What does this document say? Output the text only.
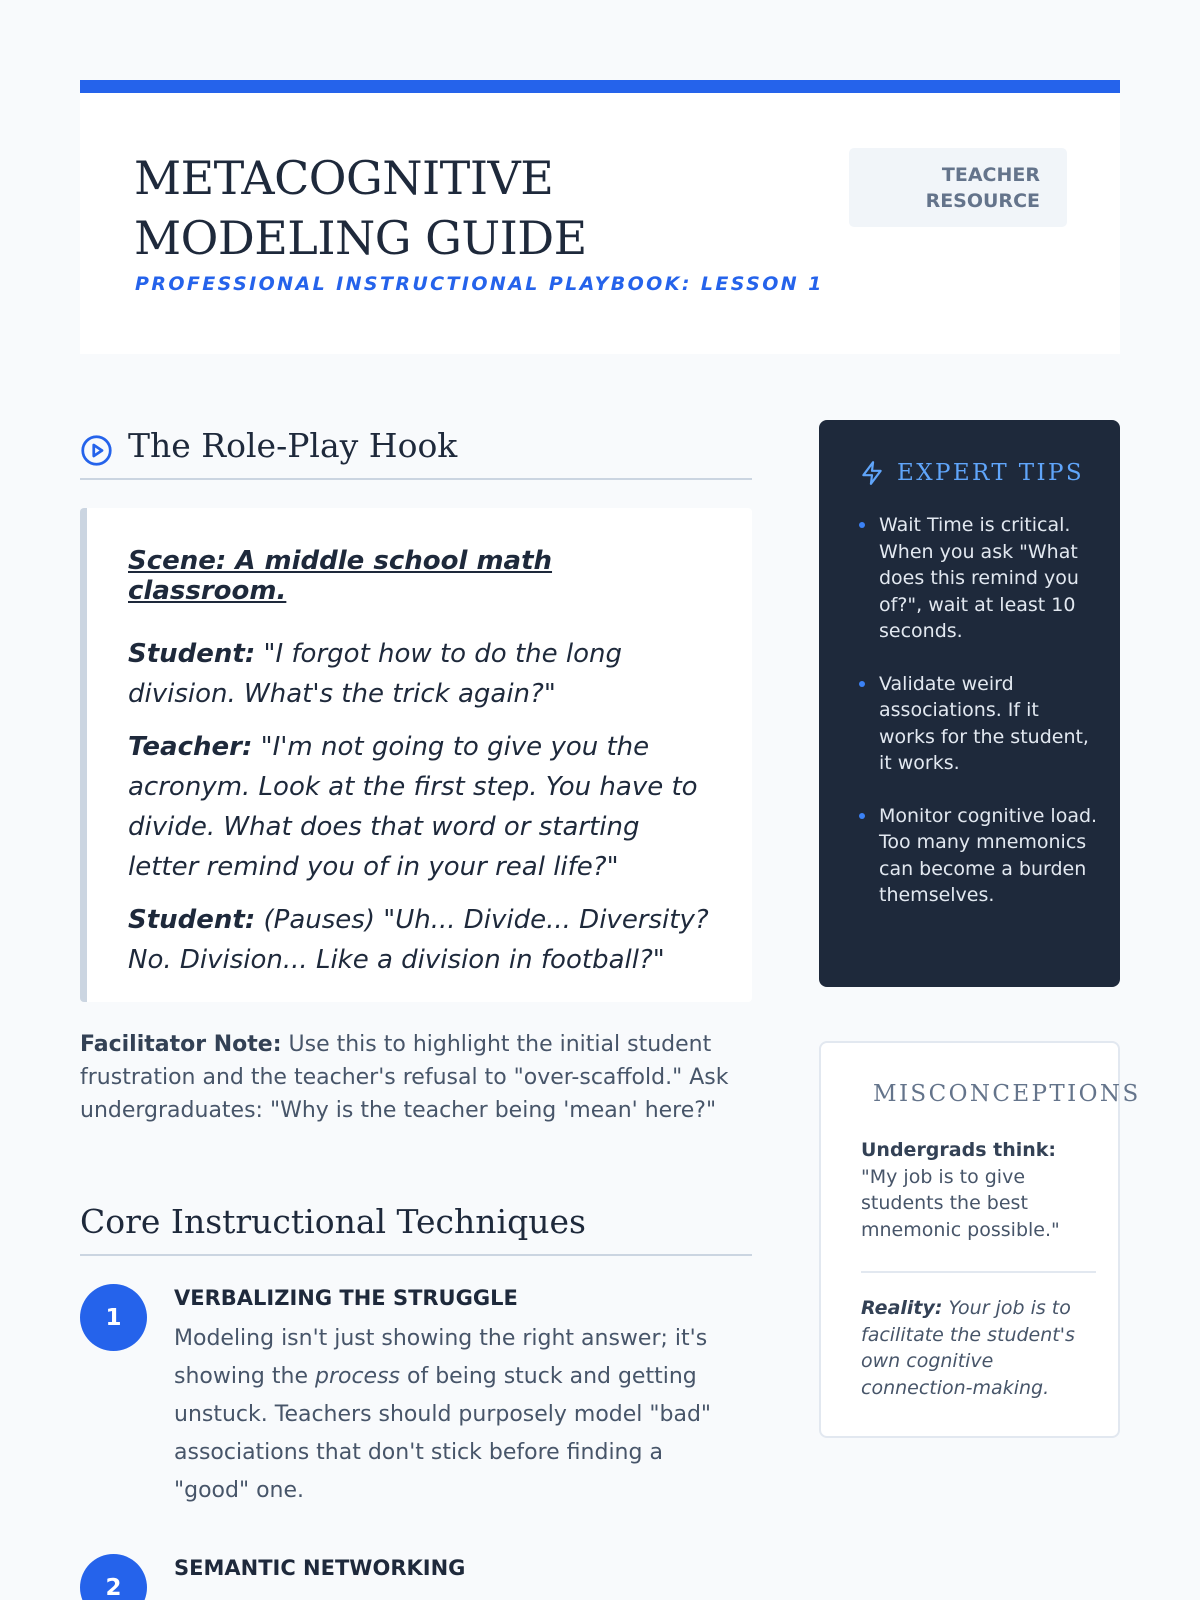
METACOGNITIVE MODELING GUIDE
PROFESSIONAL INSTRUCTIONAL PLAYBOOK: LESSON 1
TEACHER
RESOURCE
The Role-Play Hook
Scene: A middle school math classroom.

Student: "I forgot how to do the long division. What's the trick again?"

Teacher: "I'm not going to give you the acronym. Look at the first step. You have to divide. What does that word or starting letter remind you of in your real life?"

Student: (Pauses) "Uh... Divide... Diversity? No. Division... Like a division in football?"

Facilitator Note: Use this to highlight the initial student frustration and the teacher's refusal to "over-scaffold." Ask undergraduates: "Why is the teacher being 'mean' here?"
Core Instructional Techniques
1
VERBALIZING THE STRUGGLE
Modeling isn't just showing the right answer; it's showing the process of being stuck and getting unstuck. Teachers should purposely model "bad" associations that don't stick before finding a "good" one.
2
SEMANTIC NETWORKING
EXPERT TIPS
Wait Time is critical. When you ask "What does this remind you of?", wait at least 10 seconds.
Validate weird associations. If it works for the student, it works.
Monitor cognitive load. Too many mnemonics can become a burden themselves.
MISCONCEPTIONS
Undergrads think:
"My job is to give students the best mnemonic possible."
Reality: Your job is to facilitate the student's own cognitive connection-making.
